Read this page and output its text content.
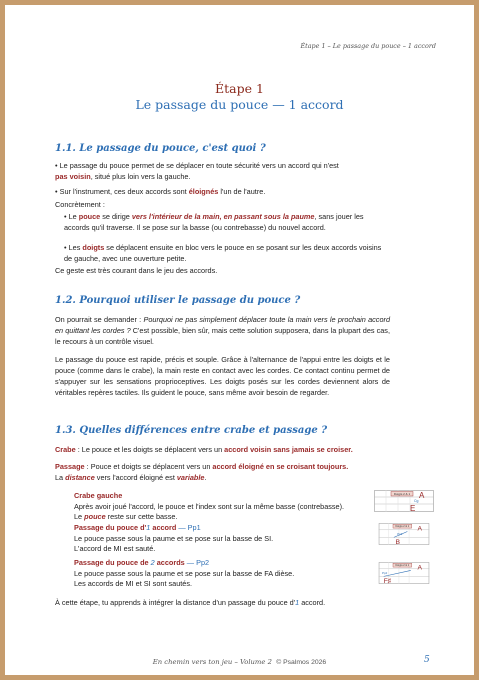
Étape 1 – Le passage du pouce – 1 accord
Étape 1
Le passage du pouce — 1 accord
1.1. Le passage du pouce, c'est quoi ?

• Le passage du pouce permet de se déplacer en toute sécurité vers un accord qui n'est
pas voisin, situé plus loin vers la gauche.

• Sur l'instrument, ces deux accords sont éloignés l'un de l'autre.

Concrètement :

• Le pouce se dirige vers l'intérieur de la main, en passant sous la paume, sans jouer les accords qu'il traverse. Il se pose sur la basse (ou contrebasse) du nouvel accord.

• Les doigts se déplacent ensuite en bloc vers le pouce en se posant sur les deux accords voisins de gauche, avec une ouverture petite.

Ce geste est très courant dans le jeu des accords.

1.2. Pourquoi utiliser le passage du pouce ?

On pourrait se demander : Pourquoi ne pas simplement déplacer toute la main vers le prochain accord en quittant les cordes ? C'est possible, bien sûr, mais cette solution supposera, dans la plupart des cas, le recours à un contrôle visuel.

Le passage du pouce est rapide, précis et souple. Grâce à l'alternance de l'appui entre les doigts et le pouce (comme dans le crabe), la main reste en contact avec les cordes. Ce contact continu permet de s'appuyer sur les sensations proprioceptives. Les doigts posés sur les cordes deviennent alors de véritables repères tactiles. Ils guident le pouce, sans même avoir besoin de regarder.

1.3. Quelles différences entre crabe et passage ?

Crabe : Le pouce et les doigts se déplacent vers un accord voisin sans jamais se croiser.

Passage : Pouce et doigts se déplacent vers un accord éloigné en se croisant toujours.
La distance vers l'accord éloigné est variable.

Crabe gauche
Après avoir joué l'accord, le pouce et l'index sont sur la même basse (contrebasse).
Le pouce reste sur cette basse.

Doigts 2 & 1 A
Cg
E

Passage du pouce d'1 accord — Pp1
Le pouce passe sous la paume et se pose sur la basse de SI.
L'accord de MI est sauté.

Doigts 2 & 1 A
Pp1
B

Passage du pouce de 2 accords — Pp2
Le pouce passe sous la paume et se pose sur la basse de FA dièse.
Les accords de MI et SI sont sautés.

Doigts 2 & 1 A
Pp2
F♯

À cette étape, tu apprends à intégrer la distance d'un passage du pouce d'1 accord.

En chemin vers ton jeu – Volume 2 © Psalmos 2026	5
